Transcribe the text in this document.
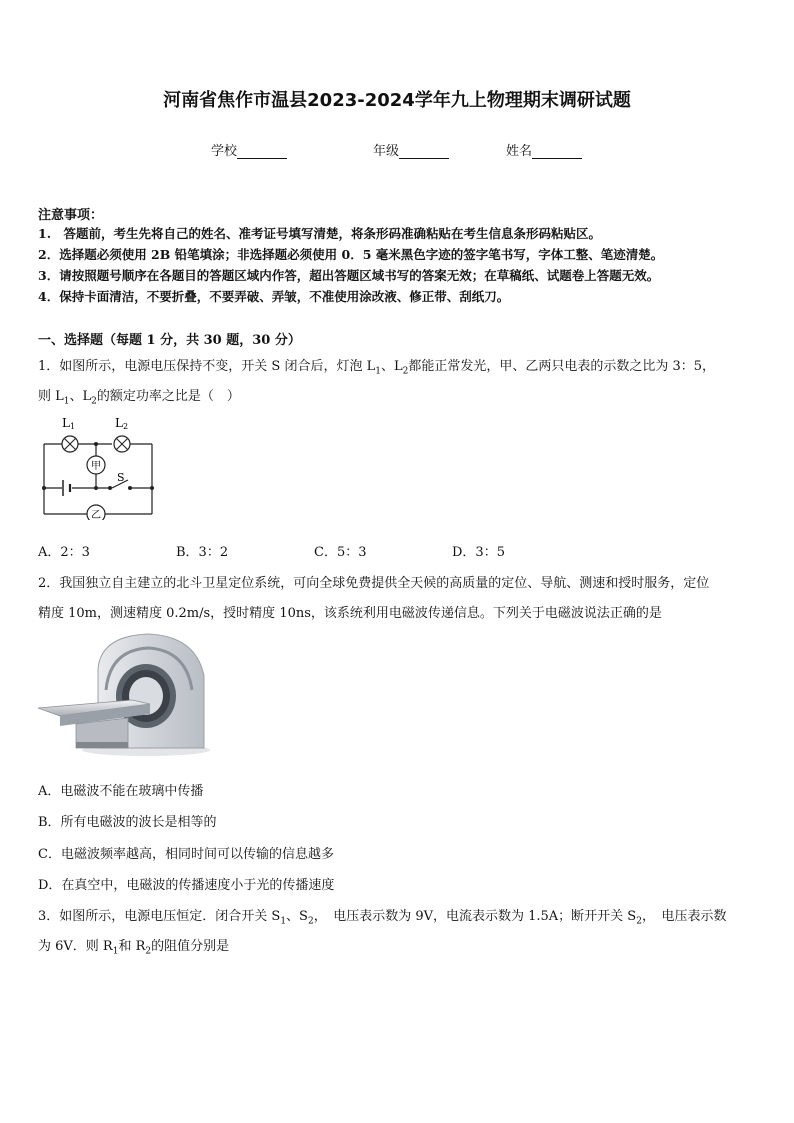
河南省焦作市温县2023-2024学年九上物理期末调研试题
学校	年级	姓名
注意事项：
1.　答题前，考生先将自己的姓名、准考证号填写清楚，将条形码准确粘贴在考生信息条形码粘贴区。
2．选择题必须使用 2B 铅笔填涂；非选择题必须使用 0．5 毫米黑色字迹的签字笔书写，字体工整、笔迹清楚。
3．请按照题号顺序在各题目的答题区域内作答，超出答题区域书写的答案无效；在草稿纸、试题卷上答题无效。
4．保持卡面清洁，不要折叠，不要弄破、弄皱，不准使用涂改液、修正带、刮纸刀。
一、选择题（每题 1 分，共 30 题，30 分）
1．如图所示，电源电压保持不变，开关 S 闭合后，灯泡 $L_1$、$L_2$都能正常发光，甲、乙两只电表的示数之比为 3：5，
则 $L_1$、$L_2$的额定功率之比是（　）
L1	L2
甲
乙
S
A．2：3	B．3：2	C．5：3	D．3：5
2．我国独立自主建立的北斗卫星定位系统，可向全球免费提供全天候的高质量的定位、导航、测速和授时服务，定位
精度 10m，测速精度 0.2m/s，授时精度 10ns，该系统利用电磁波传递信息。下列关于电磁波说法正确的是
A．电磁波不能在玻璃中传播
B．所有电磁波的波长是相等的
C．电磁波频率越高，相同时间可以传输的信息越多
D．在真空中，电磁波的传播速度小于光的传播速度
3．如图所示，电源电压恒定．闭合开关 $S_1$、$S_2$，　电压表示数为 9V，电流表示数为 1.5A；断开开关 $S_2$，　电压表示数
为 6V．则 $R_1$和 $R_2$的阻值分别是
